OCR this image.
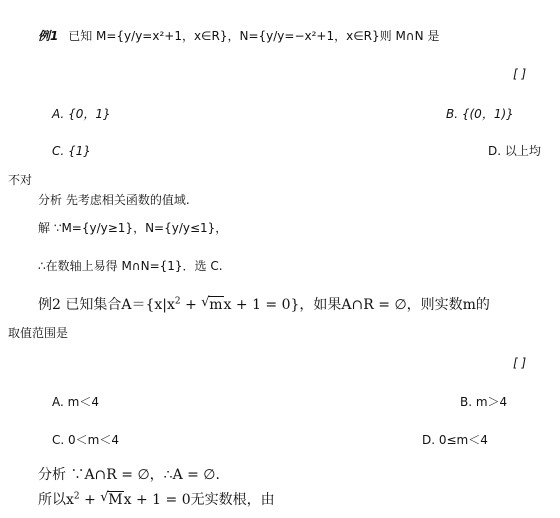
例1 已知 M={y/y=x²+1，x∈R}，N={y/y=−x²+1，x∈R}则 M∩N 是
[ ]
A. {0，1}	B. {(0，1)}
C. {1}	D. 以上均
不对
分析 先考虑相关函数的值域.
解 ∵M={y/y≥1}，N={y/y≤1}，
∴在数轴上易得 M∩N={1}．选 C.
例2 已知集合$A=\{x|x^2$ + √ mx + 1 = 0}，如果A∩R = ∅，则实数m的
取值范围是
[ ]
A. m＜4	B. m＞4
C. 0＜m＜4	D. 0≤m＜4
分析 ∵A∩R = ∅，∴A = ∅.
所以$x^2$ + √ Mx + 1 = 0无实数根，由
